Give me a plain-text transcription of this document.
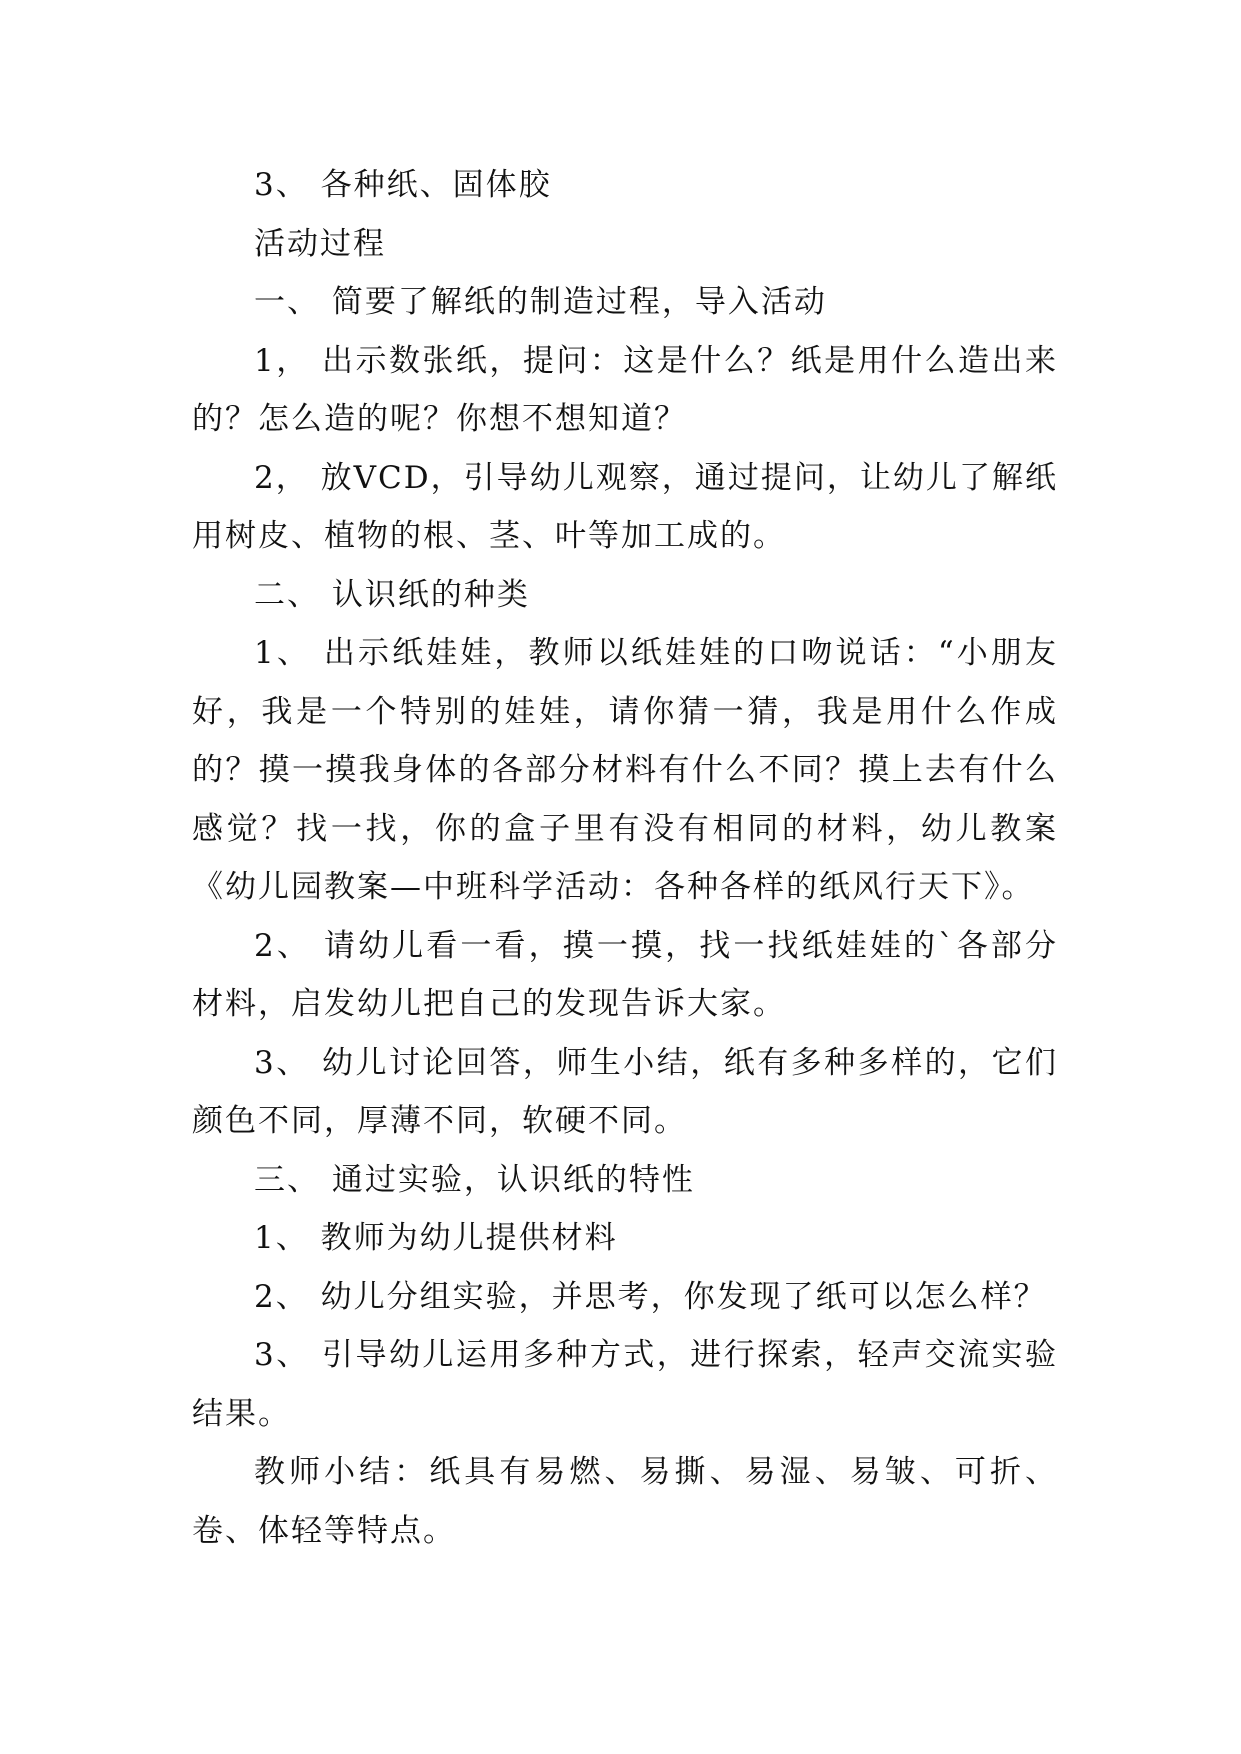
3、 各种纸、固体胶

活动过程

一、 简要了解纸的制造过程，导入活动

1， 出示数张纸，提问：这是什么？纸是用什么造出来的？怎么造的呢？你想不想知道？

2， 放VCD，引导幼儿观察，通过提问，让幼儿了解纸用树皮、植物的根、茎、叶等加工成的。

二、 认识纸的种类

1、 出示纸娃娃，教师以纸娃娃的口吻说话：“小朋友好，我是一个特别的娃娃，请你猜一猜，我是用什么作成的？摸一摸我身体的各部分材料有什么不同？摸上去有什么感觉？找一找，你的盒子里有没有相同的材料，幼儿教案《幼儿园教案—中班科学活动：各种各样的纸风行天下》。

2、 请幼儿看一看，摸一摸，找一找纸娃娃的`各部分材料，启发幼儿把自己的发现告诉大家。

3、 幼儿讨论回答，师生小结，纸有多种多样的，它们颜色不同，厚薄不同，软硬不同。

三、 通过实验，认识纸的特性

1、 教师为幼儿提供材料

2、 幼儿分组实验，并思考，你发现了纸可以怎么样？

3、 引导幼儿运用多种方式，进行探索，轻声交流实验结果。

教师小结：纸具有易燃、易撕、易湿、易皱、可折、卷、体轻等特点。
